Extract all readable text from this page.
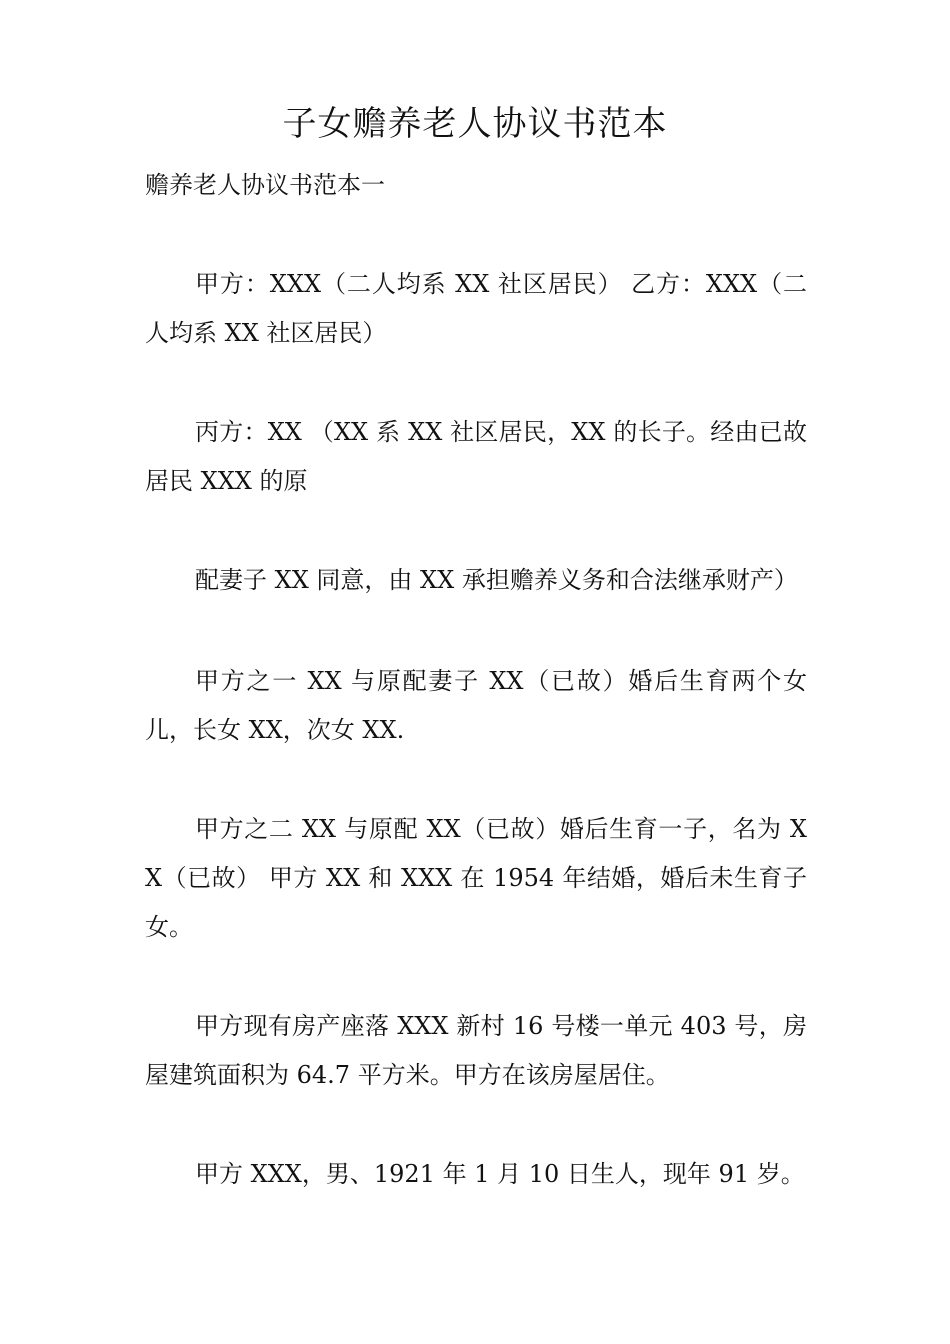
子女赡养老人协议书范本
赡养老人协议书范本一
甲方：XXX（二人均系 XX 社区居民） 乙方：XXX（二人均系 XX 社区居民）
丙方：XX （XX 系 XX 社区居民，XX 的长子。经由已故居民 XXX 的原
配妻子 XX 同意，由 XX 承担赡养义务和合法继承财产）
甲方之一 XX 与原配妻子 XX（已故）婚后生育两个女儿，长女 XX，次女 XX.
甲方之二 XX 与原配 XX（已故）婚后生育一子，名为 XX（已故） 甲方 XX 和 XXX 在 1954 年结婚，婚后未生育子女。
甲方现有房产座落 XXX 新村 16 号楼一单元 403 号，房屋建筑面积为 64.7 平方米。甲方在该房屋居住。
甲方 XXX，男、1921 年 1 月 10 日生人，现年 91 岁。
